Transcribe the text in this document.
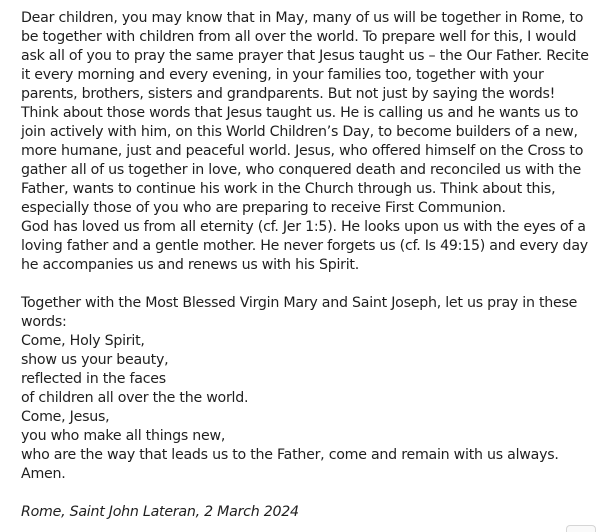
Dear children, you may know that in May, many of us will be together in Rome, to
be together with children from all over the world. To prepare well for this, I would
ask all of you to pray the same prayer that Jesus taught us – the Our Father. Recite
it every morning and every evening, in your families too, together with your
parents, brothers, sisters and grandparents. But not just by saying the words!
Think about those words that Jesus taught us. He is calling us and he wants us to
join actively with him, on this World Children’s Day, to become builders of a new,
more humane, just and peaceful world. Jesus, who offered himself on the Cross to
gather all of us together in love, who conquered death and reconciled us with the
Father, wants to continue his work in the Church through us. Think about this,
especially those of you who are preparing to receive First Communion.
God has loved us from all eternity (cf. Jer 1:5). He looks upon us with the eyes of a
loving father and a gentle mother. He never forgets us (cf. Is 49:15) and every day
he accompanies us and renews us with his Spirit.
Together with the Most Blessed Virgin Mary and Saint Joseph, let us pray in these
words:
Come, Holy Spirit,
show us your beauty,
reflected in the faces
of children all over the the world.
Come, Jesus,
you who make all things new,
who are the way that leads us to the Father, come and remain with us always.
Amen.
Rome, Saint John Lateran, 2 March 2024
